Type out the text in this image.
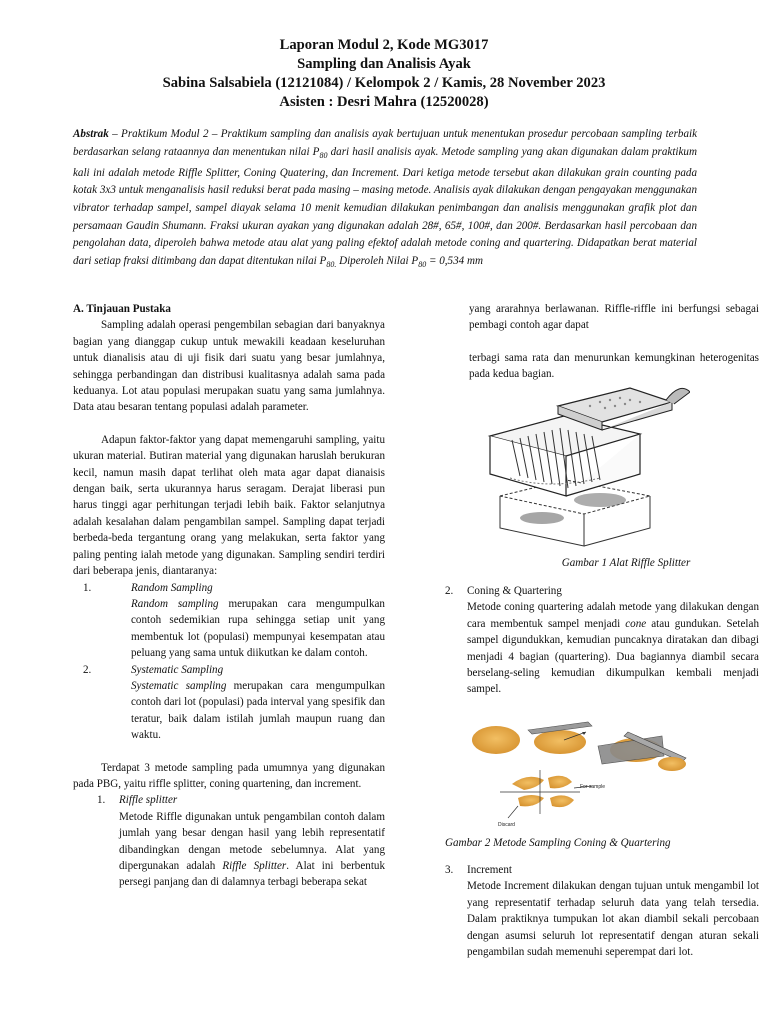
Laporan Modul 2, Kode MG3017
Sampling dan Analisis Ayak
Sabina Salsabiela (12121084) / Kelompok 2 / Kamis, 28 November 2023
Asisten : Desri Mahra (12520028)
Abstrak – Praktikum Modul 2 – Praktikum sampling dan analisis ayak bertujuan untuk menentukan prosedur percobaan sampling terbaik berdasarkan selang rataannya dan menentukan nilai $P_{80}$ dari hasil analisis ayak. Metode sampling yang akan digunakan dalam praktikum kali ini adalah metode Riffle Splitter, Coning Quatering, dan Increment. Dari ketiga metode tersebut akan dilakukan grain counting pada kotak 3x3 untuk menganalisis hasil reduksi berat pada masing – masing metode. Analisis ayak dilakukan dengan pengayakan menggunakan vibrator terhadap sampel, sampel diayak selama 10 menit kemudian dilakukan penimbangan dan analisis menggunakan grafik plot dan persamaan Gaudin Shumann. Fraksi ukuran ayakan yang digunakan adalah 28#, 65#, 100#, dan 200#. Berdasarkan hasil percobaan dan pengolahan data, diperoleh bahwa metode atau alat yang paling efektof adalah metode coning and quartering. Didapatkan berat material dari setiap fraksi ditimbang dan dapat ditentukan nilai $P_{80.}$ Diperoleh Nilai $P_{80} = 0,534$ mm

A. Tinjauan Pustaka

Sampling adalah operasi pengembilan sebagian dari banyaknya bagian yang dianggap cukup untuk mewakili keadaan keseluruhan untuk dianalisis atau di uji fisik dari suatu yang besar jumlahnya, sehingga perbandingan dan distribusi kualitasnya adalah sama pada keduanya. Lot atau populasi merupakan suatu yang sama jumlahnya. Data atau besaran tentang populasi adalah parameter.

Adapun faktor-faktor yang dapat memengaruhi sampling, yaitu ukuran material. Butiran material yang digunakan haruslah berukuran kecil, namun masih dapat terlihat oleh mata agar dapat dianaisis dengan baik, serta ukurannya harus seragam. Derajat liberasi pun harus tinggi agar perhitungan terjadi lebih baik. Faktor selanjutnya adalah kesalahan dalam pengambilan sampel. Sampling dapat terjadi berbeda-beda tergantung orang yang melakukan, serta faktor yang paling penting ialah metode yang digunakan. Sampling sendiri terdiri dari beberapa jenis, diantaranya:

1.	Random Sampling

Random sampling merupakan cara mengumpulkan contoh sedemikian rupa sehingga setiap unit yang membentuk lot (populasi) mempunyai kesempatan atau peluang yang sama untuk diikutkan ke dalam contoh.

2.	Systematic Sampling

Systematic sampling merupakan cara mengumpulkan contoh dari lot (populasi) pada interval yang spesifik dan teratur, baik dalam istilah jumlah maupun ruang dan waktu.

Terdapat 3 metode sampling pada umumnya yang digunakan pada PBG, yaitu riffle splitter, coning quartening, dan increment.

1. Riffle splitter

Metode Riffle digunakan untuk pengambilan contoh dalam jumlah yang besar dengan hasil yang lebih representatif dibandingkan dengan metode sebelumnya. Alat yang dipergunakan adalah Riffle Splitter. Alat ini berbentuk persegi panjang dan di dalamnya terbagi beberapa sekat

yang ararahnya berlawanan. Riffle-riffle ini berfungsi sebagai pembagi contoh agar dapat

terbagi sama rata dan menurunkan kemungkinan heterogenitas pada kedua bagian.

Gambar 1 Alat Riffle Splitter
2. Coning & Quartering

Metode coning quartering adalah metode yang dilakukan dengan cara membentuk sampel menjadi cone atau gundukan. Setelah sampel digundukkan, kemudian puncaknya diratakan dan dibagi menjadi 4 bagian (quartering). Dua bagiannya diambil secara berselang-seling kemudian dikumpulkan kembali menjadi sampel.

For sample
Discard
Gambar 2 Metode Sampling Coning & Quartering
3. Increment

Metode Increment dilakukan dengan tujuan untuk mengambil lot yang representatif terhadap seluruh data yang telah tersedia. Dalam praktiknya tumpukan lot akan diambil sekali percobaan dengan asumsi seluruh lot representatif dengan aturan sekali pengambilan sudah memenuhi seperempat dari lot.
